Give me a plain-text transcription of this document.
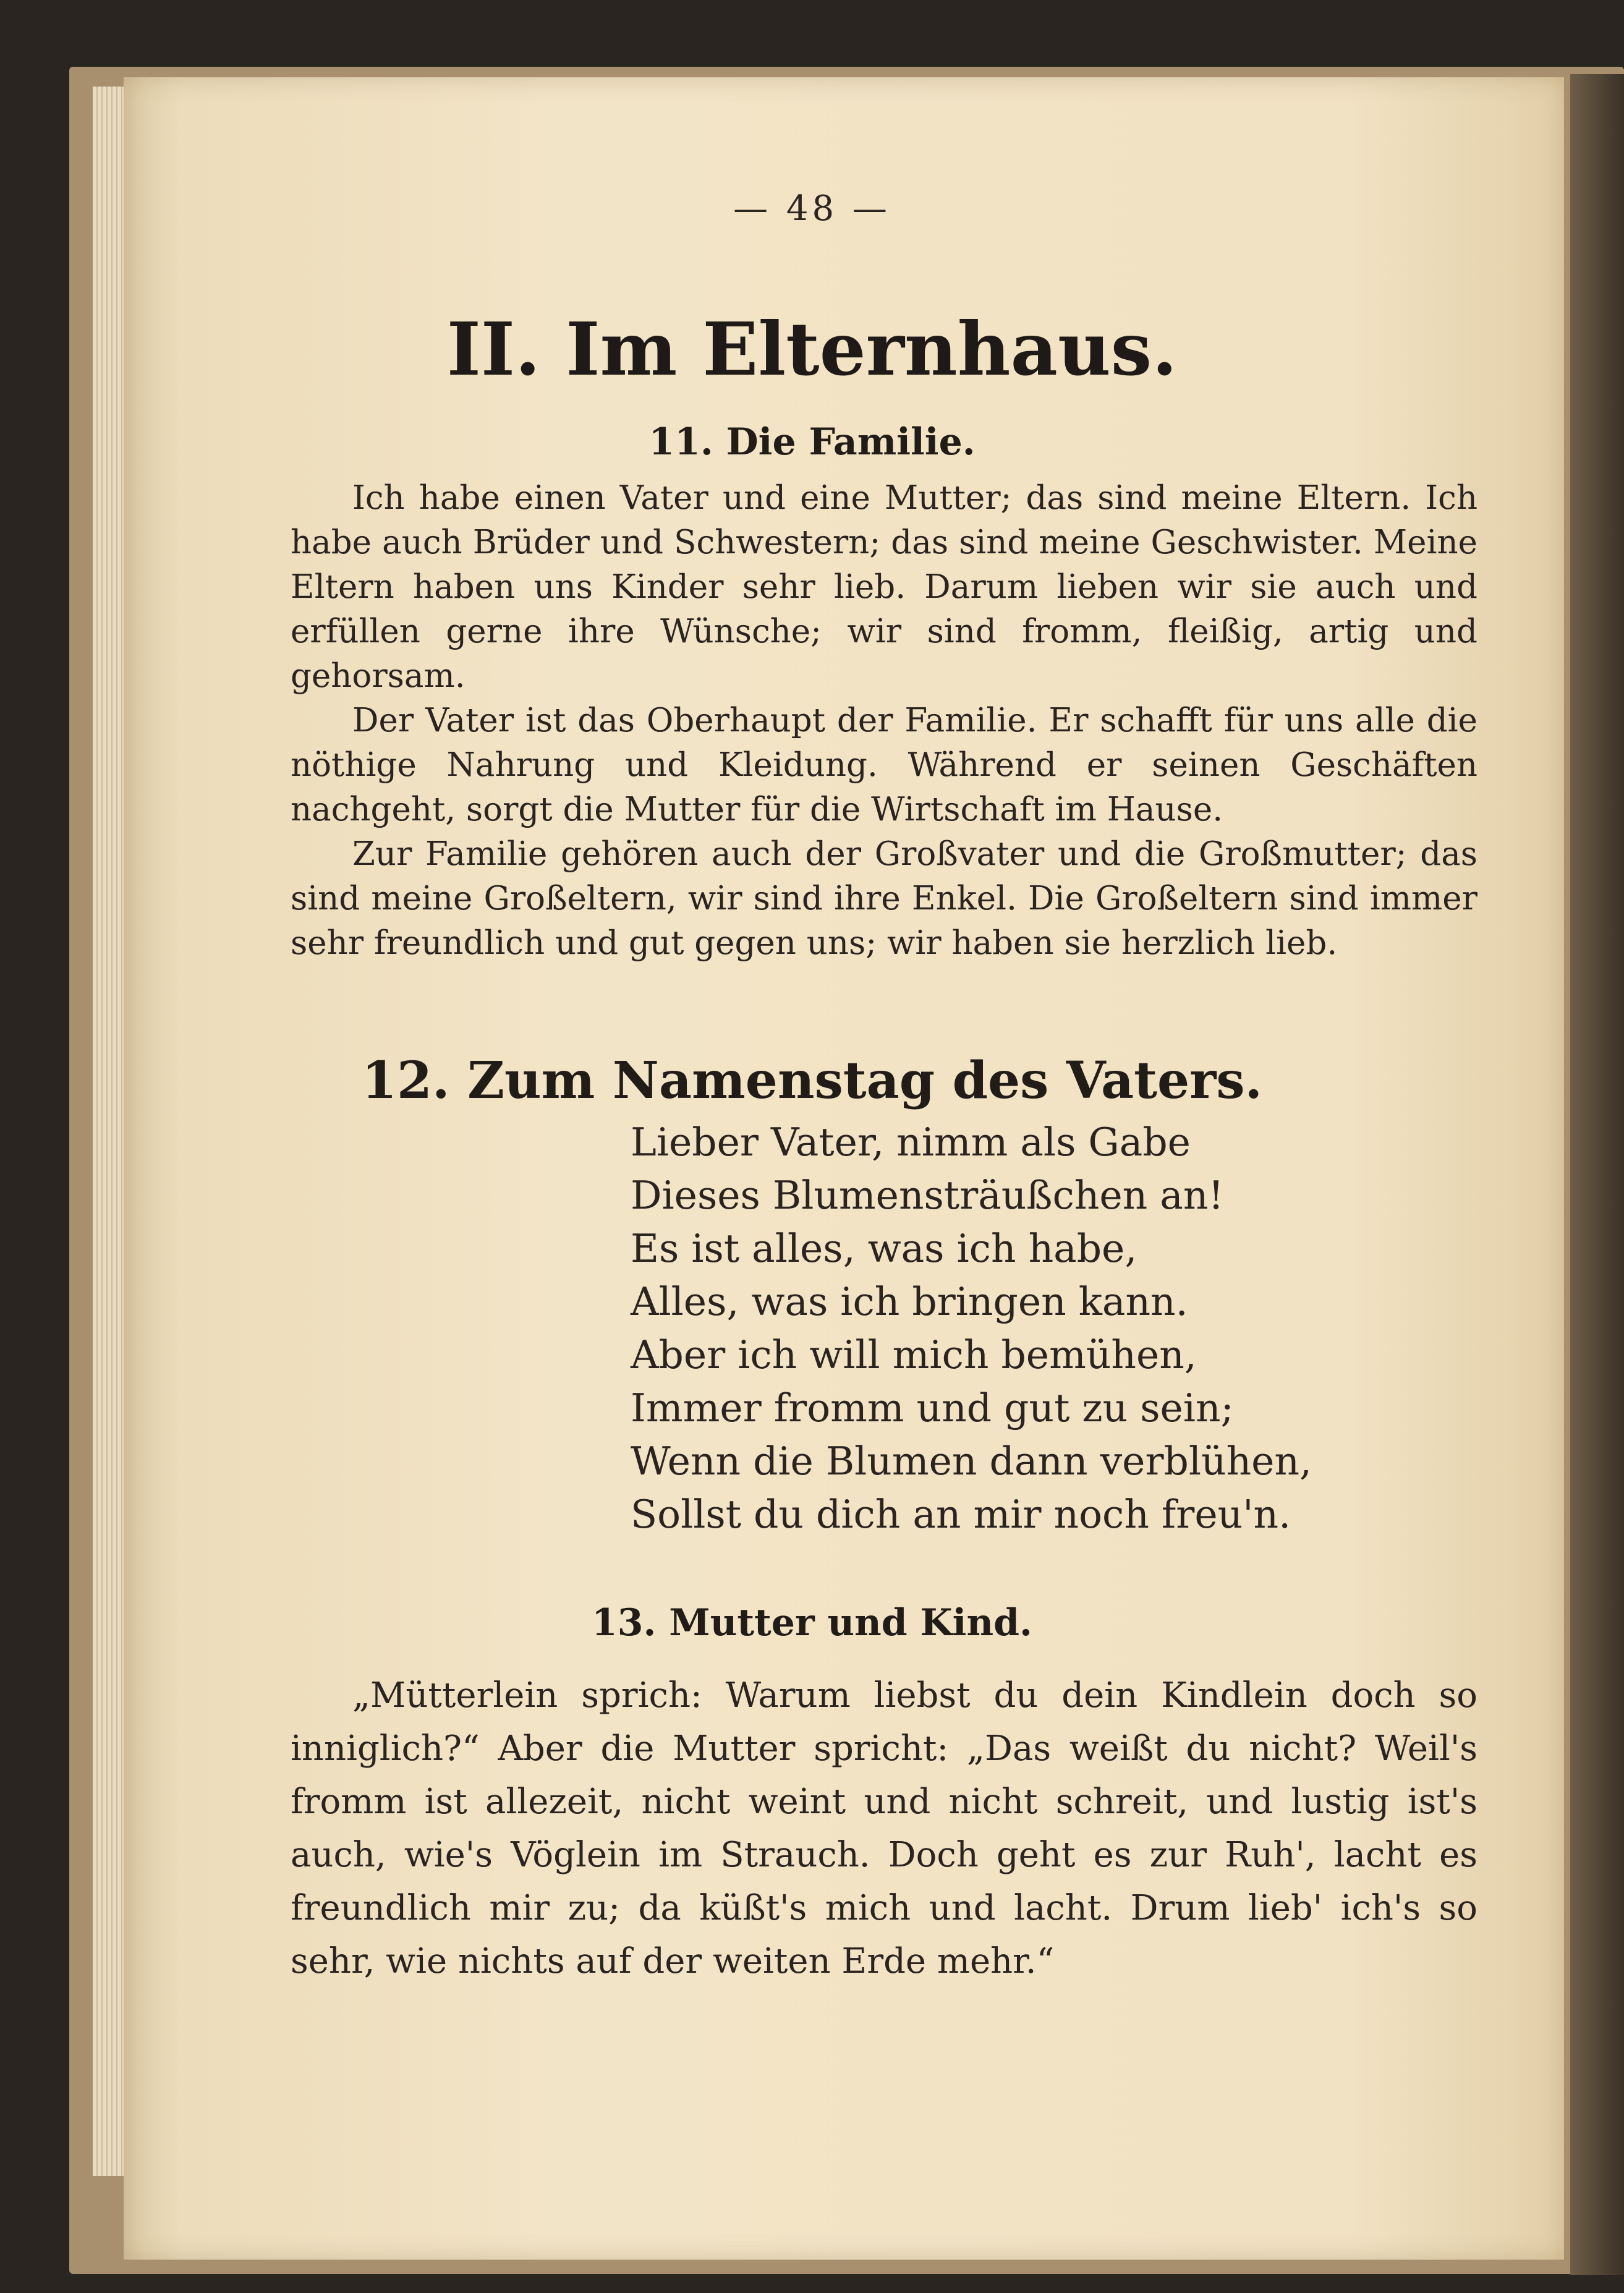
— 48 —
II. Im Elternhaus.
11. Die Familie.

Ich habe einen Vater und eine Mutter; das sind meine Eltern. Ich habe auch Brüder und Schwestern; das sind meine Geschwister. Meine Eltern haben uns Kinder sehr lieb. Darum lieben wir sie auch und erfüllen gerne ihre Wünsche; wir sind fromm, fleißig, artig und gehorsam.

Der Vater ist das Oberhaupt der Familie. Er schafft für uns alle die nöthige Nahrung und Kleidung. Während er seinen Geschäften nachgeht, sorgt die Mutter für die Wirtschaft im Hause.

Zur Familie gehören auch der Großvater und die Großmutter; das sind meine Großeltern, wir sind ihre Enkel. Die Großeltern sind immer sehr freundlich und gut gegen uns; wir haben sie herzlich lieb.

12. Zum Namenstag des Vaters.
Lieber Vater, nimm als Gabe
Dieses Blumensträußchen an!
Es ist alles, was ich habe,
Alles, was ich bringen kann.
Aber ich will mich bemühen,
Immer fromm und gut zu sein;
Wenn die Blumen dann verblühen,
Sollst du dich an mir noch freu'n.
13. Mutter und Kind.

„Mütterlein sprich: Warum liebst du dein Kindlein doch so inniglich?“ Aber die Mutter spricht: „Das weißt du nicht? Weil's fromm ist allezeit, nicht weint und nicht schreit, und lustig ist's auch, wie's Vöglein im Strauch. Doch geht es zur Ruh', lacht es freundlich mir zu; da küßt's mich und lacht. Drum lieb' ich's so sehr, wie nichts auf der weiten Erde mehr.“
